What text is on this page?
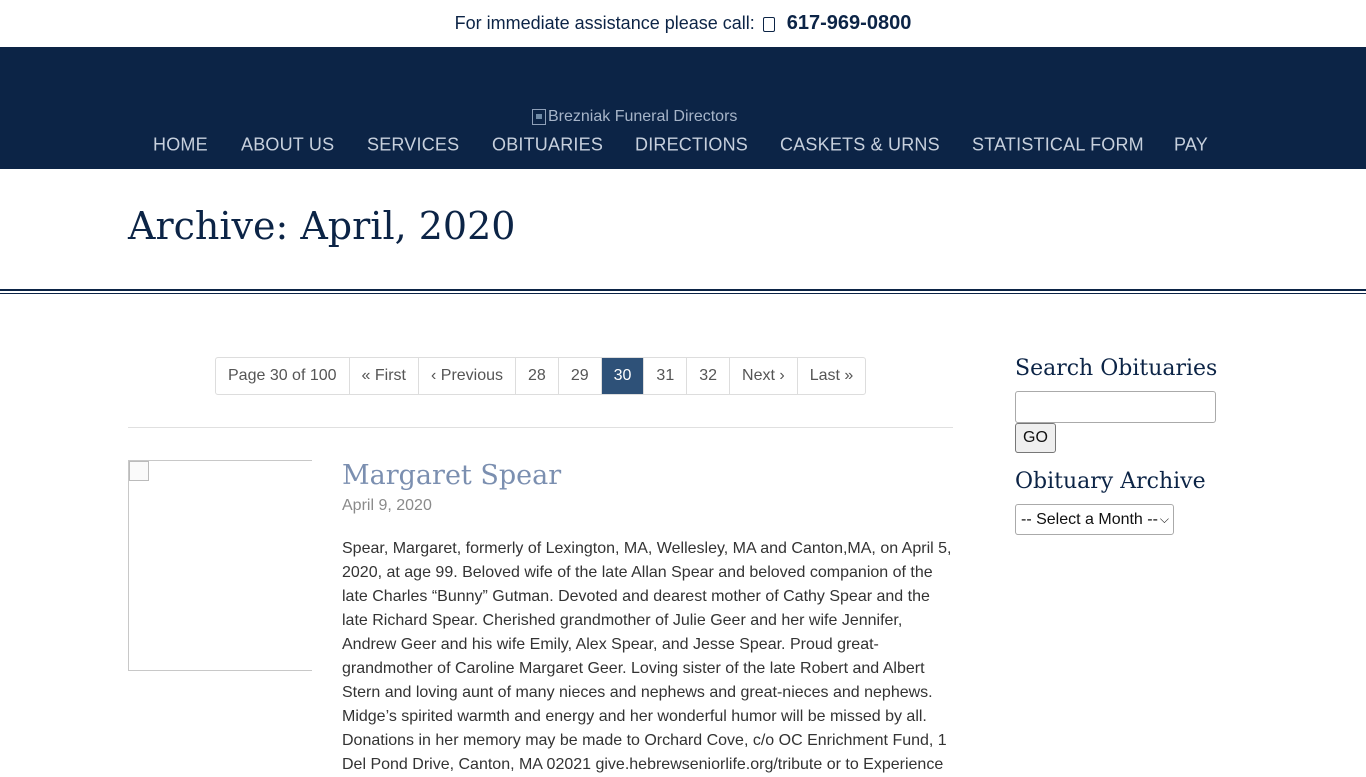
For immediate assistance please call: 617-969-0800
Brezniak Funeral Directors
HOME ABOUT US SERVICES OBITUARIES DIRECTIONS CASKETS & URNS STATISTICAL FORM PAY
Archive: April, 2020
Page 30 of 100	« First	‹ Previous	28	29	30	31	32	Next ›	Last »
Margaret Spear
April 9, 2020

Spear, Margaret, formerly of Lexington, MA, Wellesley, MA and Canton,MA, on April 5, 2020, at age 99. Beloved wife of the late Allan Spear and beloved companion of the late Charles “Bunny” Gutman. Devoted and dearest mother of Cathy Spear and the late Richard Spear. Cherished grandmother of Julie Geer and her wife Jennifer, Andrew Geer and his wife Emily, Alex Spear, and Jesse Spear. Proud great-grandmother of Caroline Margaret Geer. Loving sister of the late Robert and Albert Stern and loving aunt of many nieces and nephews and great-nieces and nephews. Midge’s spirited warmth and energy and her wonderful humor will be missed by all. Donations in her memory may be made to Orchard Cove, c/o OC Enrichment Fund, 1 Del Pond Drive, Canton, MA 02021 give.hebrewseniorlife.org/tribute or to Experience

Search Obituaries
GO
Obituary Archive
-- Select a Month -- ⌵
